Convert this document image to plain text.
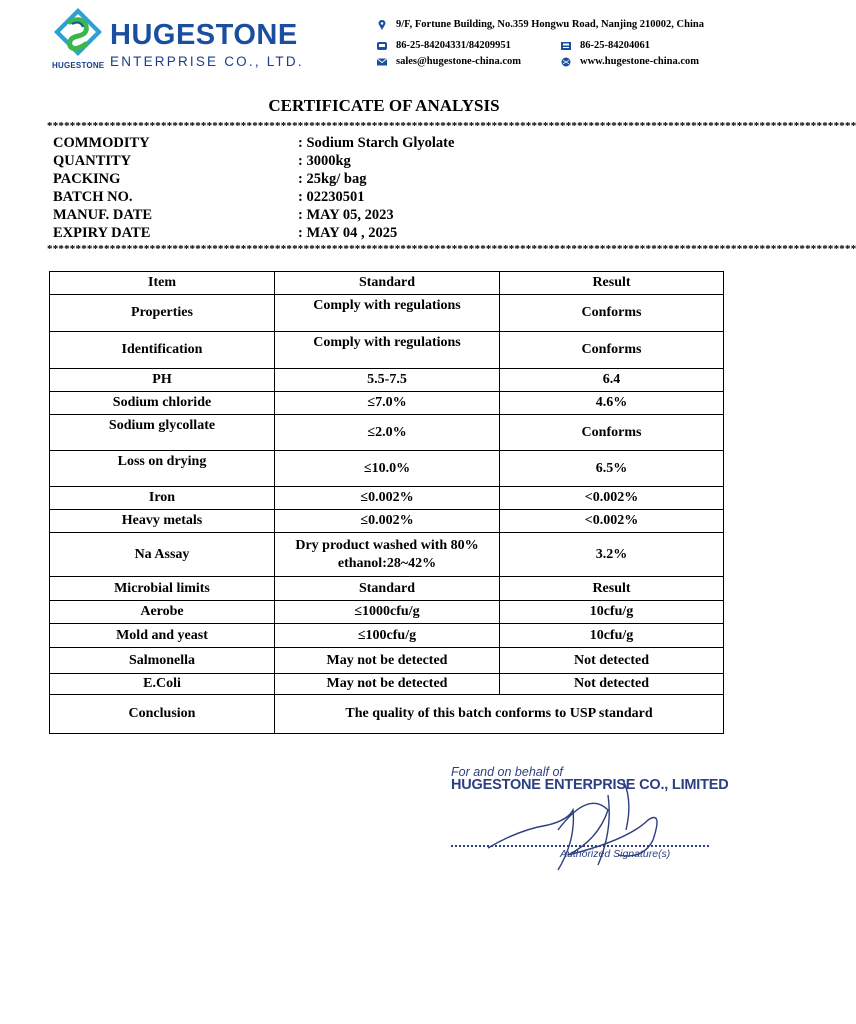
HUGESTONE
HUGESTONE
ENTERPRISE CO., LTD.
9/F, Fortune Building, No.359 Hongwu Road, Nanjing 210002, China
86-25-84204331/84209951	86-25-84204061
sales@hugestone-china.com	www.hugestone-china.com
CERTIFICATE OF ANALYSIS
**********************************************************************************************************************************************
COMMODITY	: Sodium Starch Glyolate
QUANTITY	: 3000kg
PACKING	: 25kg/ bag
BATCH NO.	: 02230501
MANUF. DATE	: MAY 05, 2023
EXPIRY DATE	: MAY 04 , 2025
**********************************************************************************************************************************************
Item	Standard	Result
Properties	Comply with regulations	Conforms
Identification	Comply with regulations	Conforms
PH	5.5-7.5	6.4
Sodium chloride	≤7.0%	4.6%

Sodium glycollate	≤2.0%	Conforms

Loss on drying	≤10.0%	6.5%
Iron	≤0.002%	<0.002%
Heavy metals	≤0.002%	<0.002%
Na Assay	Dry product washed with 80%
ethanol:28~42%	3.2%
Microbial limits	Standard	Result
Aerobe	≤1000cfu/g	10cfu/g
Mold and yeast	≤100cfu/g	10cfu/g
Salmonella	May not be detected	Not detected
E.Coli	May not be detected	Not detected
Conclusion	The quality of this batch conforms to USP standard	
For and on behalf of
HUGESTONE ENTERPRISE CO., LIMITED
Authorized Signature(s)
